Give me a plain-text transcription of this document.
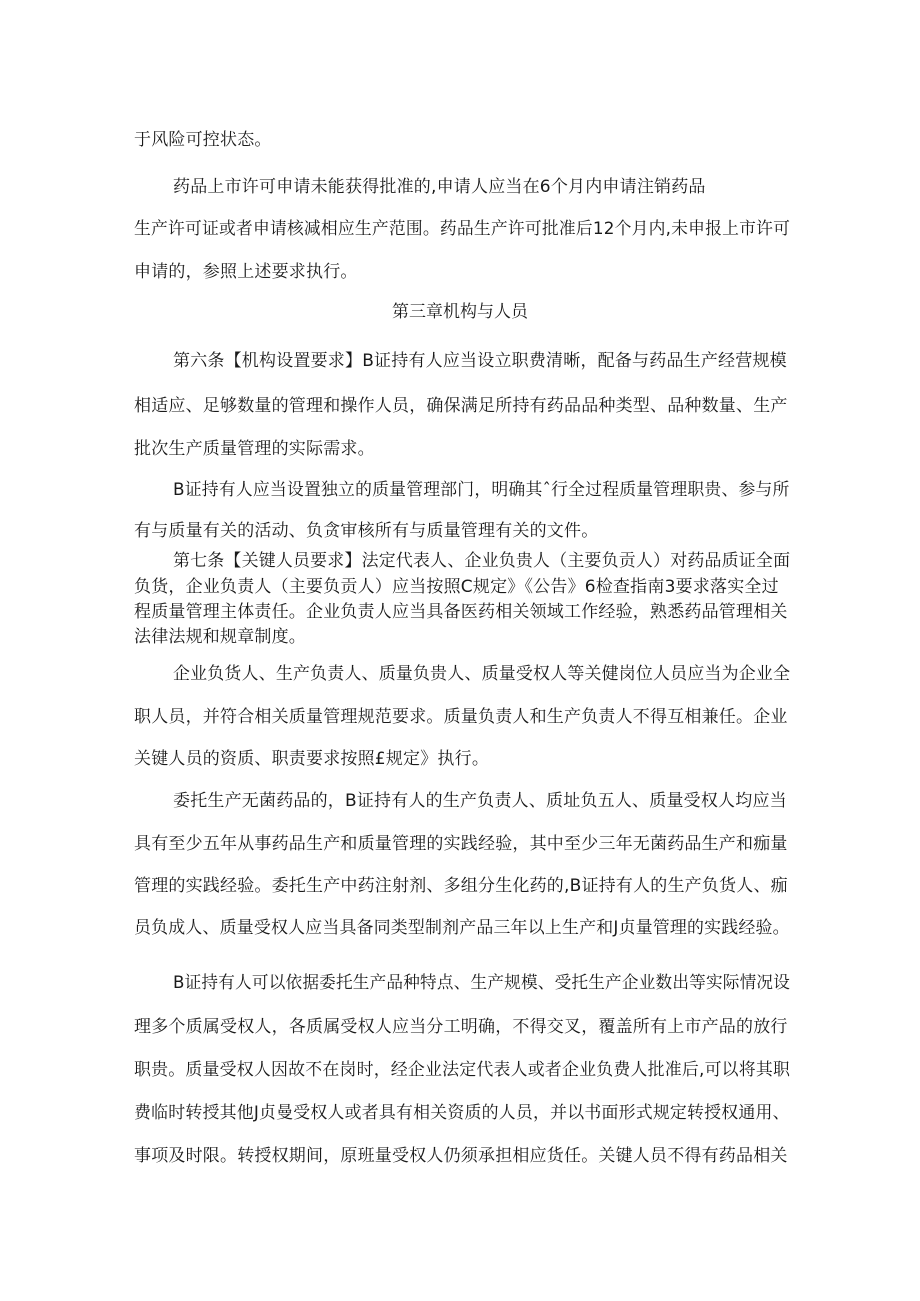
于风险可控状态。
药品上市许可申请未能获得批准的,申请人应当在6个月内申请注销药品
生产许可证或者申请核减相应生产范围。药品生产许可批准后12个月内,未申报上市许可
申请的，参照上述要求执行。
第三章机构与人员
第六条【机构设置要求】B证持有人应当设立职费清晰，配备与药品生产经营规模
相适应、足够数量的管理和操作人员，确保满足所持有药品品种类型、品种数量、生产
批次生产质量管理的实际需求。
B证持有人应当设置独立的质量管理部门，明确其ˆ行全过程质量管理职贵、参与所
有与质量有关的活动、负贪审核所有与质量管理有关的文件。
第七条【关键人员要求】法定代表人、企业负贵人（主要负贡人）对药品质证全面
负货，企业负责人（主要负贡人）应当按照C规定》《公告》6检查指南3要求落实全过
程质量管理主体责任。企业负责人应当具备医药相关领域工作经验，熟悉药品管理相关
法律法规和规章制度。
企业负货人、生产负责人、质量负贵人、质量受权人等关健岗位人员应当为企业全
职人员，并符合相关质量管理规范要求。质量负责人和生产负责人不得互相兼任。企业
关键人员的资质、职责要求按照£规定》执行。
委托生产无菌药品的，B证持有人的生产负责人、质址负五人、质量受权人均应当
具有至少五年从事药品生产和质量管理的实践经验，其中至少三年无菌药品生产和痂量
管理的实践经验。委托生产中药注射剂、多组分生化药的,B证持有人的生产负货人、痂
员负成人、质量受权人应当具备同类型制剂产品三年以上生产和J贞量管理的实践经验。
B证持有人可以依据委托生产品种特点、生产规模、受托生产企业数出等实际情况设
理多个质属受权人，各质属受权人应当分工明确，不得交叉，覆盖所有上市产品的放行
职贵。质量受权人因故不在岗时，经企业法定代表人或者企业负费人批准后,可以将其职
费临时转授其他J贞曼受权人或者具有相关资质的人员，并以书面形式规定转授权通用、
事项及时限。转授权期间，原班量受权人仍须承担相应货任。关键人员不得有药品相关
